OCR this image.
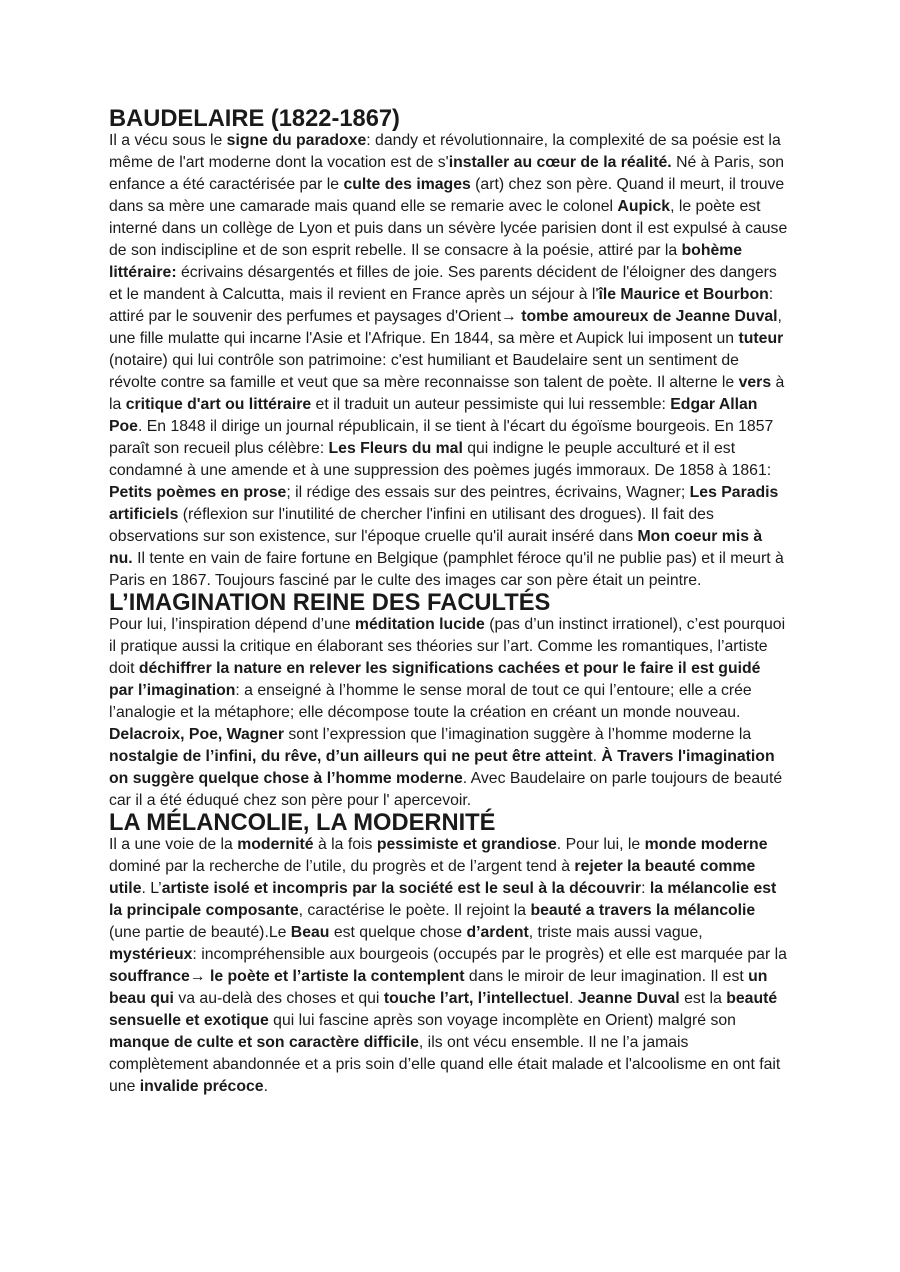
BAUDELAIRE (1822-1867)

Il a vécu sous le signe du paradoxe: dandy et révolutionnaire, la complexité de sa poésie est la même de l'art moderne dont la vocation est de s'installer au cœur de la réalité. Né à Paris, son enfance a été caractérisée par le culte des images (art) chez son père. Quand il meurt, il trouve dans sa mère une camarade mais quand elle se remarie avec le colonel Aupick, le poète est interné dans un collège de Lyon et puis dans un sévère lycée parisien dont il est expulsé à cause de son indiscipline et de son esprit rebelle. Il se consacre à la poésie, attiré par la bohème littéraire: écrivains désargentés et filles de joie. Ses parents décident de l'éloigner des dangers et le mandent à Calcutta, mais il revient en France après un séjour à l'île Maurice et Bourbon: attiré par le souvenir des perfumes et paysages d'Orient→ tombe amoureux de Jeanne Duval, une fille mulatte qui incarne l'Asie et l'Afrique. En 1844, sa mère et Aupick lui imposent un tuteur (notaire) qui lui contrôle son patrimoine: c'est humiliant et Baudelaire sent un sentiment de révolte contre sa famille et veut que sa mère reconnaisse son talent de poète. Il alterne le vers à la critique d'art ou littéraire et il traduit un auteur pessimiste qui lui ressemble: Edgar Allan Poe. En 1848 il dirige un journal républicain, il se tient à l'écart du égoïsme bourgeois. En 1857 paraît son recueil plus célèbre: Les Fleurs du mal qui indigne le peuple acculturé et il est condamné à une amende et à une suppression des poèmes jugés immoraux. De 1858 à 1861: Petits poèmes en prose; il rédige des essais sur des peintres, écrivains, Wagner; Les Paradis artificiels (réflexion sur l'inutilité de chercher l'infini en utilisant des drogues). Il fait des observations sur son existence, sur l'époque cruelle qu'il aurait inséré dans Mon coeur mis à nu. Il tente en vain de faire fortune en Belgique (pamphlet féroce qu'il ne publie pas) et il meurt à Paris en 1867. Toujours fasciné par le culte des images car son père était un peintre.

L’IMAGINATION REINE DES FACULTÉS

Pour lui, l’inspiration dépend d’une méditation lucide (pas d’un instinct irrationel), c’est pourquoi il pratique aussi la critique en élaborant ses théories sur l’art. Comme les romantiques, l’artiste doit déchiffrer la nature en relever les significations cachées et pour le faire il est guidé par l’imagination: a enseigné à l’homme le sense moral de tout ce qui l’entoure; elle a crée l’analogie et la métaphore; elle décompose toute la création en créant un monde nouveau. Delacroix, Poe, Wagner sont l’expression que l’imagination suggère à l’homme moderne la nostalgie de l’infini, du rêve, d’un ailleurs qui ne peut être atteint. À Travers l'imagination on suggère quelque chose à l’homme moderne. Avec Baudelaire on parle toujours de beauté car il a été éduqué chez son père pour l' apercevoir.

LA MÉLANCOLIE, LA MODERNITÉ

Il a une voie de la modernité à la fois pessimiste et grandiose. Pour lui, le monde moderne dominé par la recherche de l’utile, du progrès et de l’argent tend à rejeter la beauté comme utile. L’artiste isolé et incompris par la société est le seul à la découvrir: la mélancolie est la principale composante, caractérise le poète. Il rejoint la beauté a travers la mélancolie (une partie de beauté).Le Beau est quelque chose d’ardent, triste mais aussi vague, mystérieux: incompréhensible aux bourgeois (occupés par le progrès) et elle est marquée par la souffrance→ le poète et l’artiste la contemplent dans le miroir de leur imagination. Il est un beau qui va au-delà des choses et qui touche l’art, l’intellectuel. Jeanne Duval est la beauté sensuelle et exotique qui lui fascine après son voyage incomplète en Orient) malgré son manque de culte et son caractère difficile, ils ont vécu ensemble. Il ne l’a jamais complètement abandonnée et a pris soin d’elle quand elle était malade et l'alcoolisme en ont fait une invalide précoce.
